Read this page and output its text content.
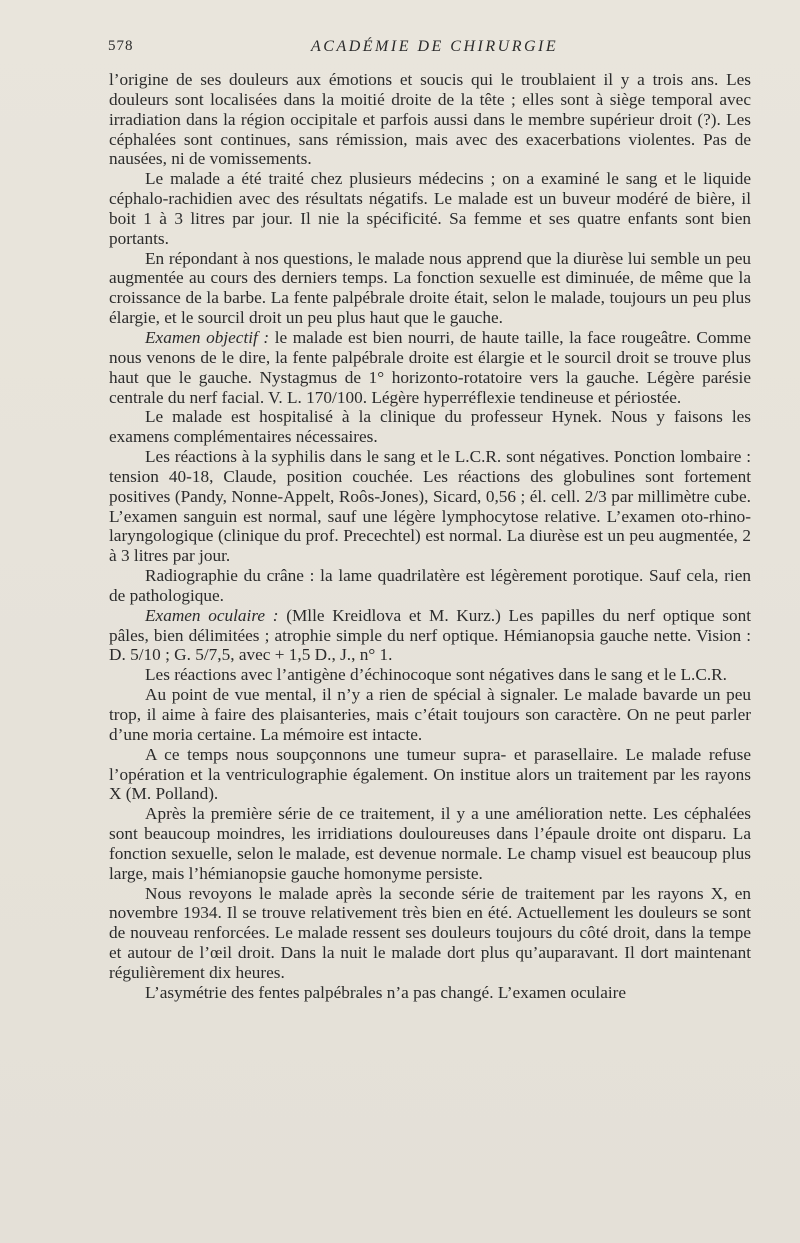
578	ACADÉMIE DE CHIRURGIE

l’origine de ses douleurs aux émotions et soucis qui le troublaient il y a trois ans. Les douleurs sont localisées dans la moitié droite de la tête ; elles sont à siège temporal avec irradiation dans la région occipitale et parfois aussi dans le membre supérieur droit (?). Les céphalées sont continues, sans rémission, mais avec des exacerbations violentes. Pas de nausées, ni de vomissements.

Le malade a été traité chez plusieurs médecins ; on a examiné le sang et le liquide céphalo-rachidien avec des résultats négatifs. Le malade est un buveur modéré de bière, il boit 1 à 3 litres par jour. Il nie la spécificité. Sa femme et ses quatre enfants sont bien portants.

En répondant à nos questions, le malade nous apprend que la diurèse lui semble un peu augmentée au cours des derniers temps. La fonction sexuelle est diminuée, de même que la croissance de la barbe. La fente palpébrale droite était, selon le malade, toujours un peu plus élargie, et le sourcil droit un peu plus haut que le gauche.

Examen objectif : le malade est bien nourri, de haute taille, la face rougeâtre. Comme nous venons de le dire, la fente palpébrale droite est élargie et le sourcil droit se trouve plus haut que le gauche. Nystagmus de 1° horizonto-rotatoire vers la gauche. Légère parésie centrale du nerf facial. V. L. 170/100. Légère hyperréflexie tendineuse et périostée.

Le malade est hospitalisé à la clinique du professeur Hynek. Nous y faisons les examens complémentaires nécessaires.

Les réactions à la syphilis dans le sang et le L.C.R. sont négatives. Ponction lombaire : tension 40-18, Claude, position couchée. Les réactions des globulines sont fortement positives (Pandy, Nonne-Appelt, Roôs-Jones), Sicard, 0,56 ; él. cell. 2/3 par millimètre cube. L’examen sanguin est normal, sauf une légère lymphocytose relative. L’examen oto-rhino-laryngologique (clinique du prof. Precechtel) est normal. La diurèse est un peu augmentée, 2 à 3 litres par jour.

Radiographie du crâne : la lame quadrilatère est légèrement porotique. Sauf cela, rien de pathologique.

Examen oculaire : (Mlle Kreidlova et M. Kurz.) Les papilles du nerf optique sont pâles, bien délimitées ; atrophie simple du nerf optique. Hémianopsia gauche nette. Vision : D. 5/10 ; G. 5/7,5, avec + 1,5 D., J., n° 1.

Les réactions avec l’antigène d’échinocoque sont négatives dans le sang et le L.C.R.

Au point de vue mental, il n’y a rien de spécial à signaler. Le malade bavarde un peu trop, il aime à faire des plaisanteries, mais c’était toujours son caractère. On ne peut parler d’une moria certaine. La mémoire est intacte.

A ce temps nous soupçonnons une tumeur supra- et parasellaire. Le malade refuse l’opération et la ventriculographie également. On institue alors un traitement par les rayons X (M. Polland).

Après la première série de ce traitement, il y a une amélioration nette. Les céphalées sont beaucoup moindres, les irridiations douloureuses dans l’épaule droite ont disparu. La fonction sexuelle, selon le malade, est devenue normale. Le champ visuel est beaucoup plus large, mais l’hémianopsie gauche homonyme persiste.

Nous revoyons le malade après la seconde série de traitement par les rayons X, en novembre 1934. Il se trouve relativement très bien en été. Actuellement les douleurs se sont de nouveau renforcées. Le malade ressent ses douleurs toujours du côté droit, dans la tempe et autour de l’œil droit. Dans la nuit le malade dort plus qu’auparavant. Il dort maintenant régulièrement dix heures.

L’asymétrie des fentes palpébrales n’a pas changé. L’examen oculaire
